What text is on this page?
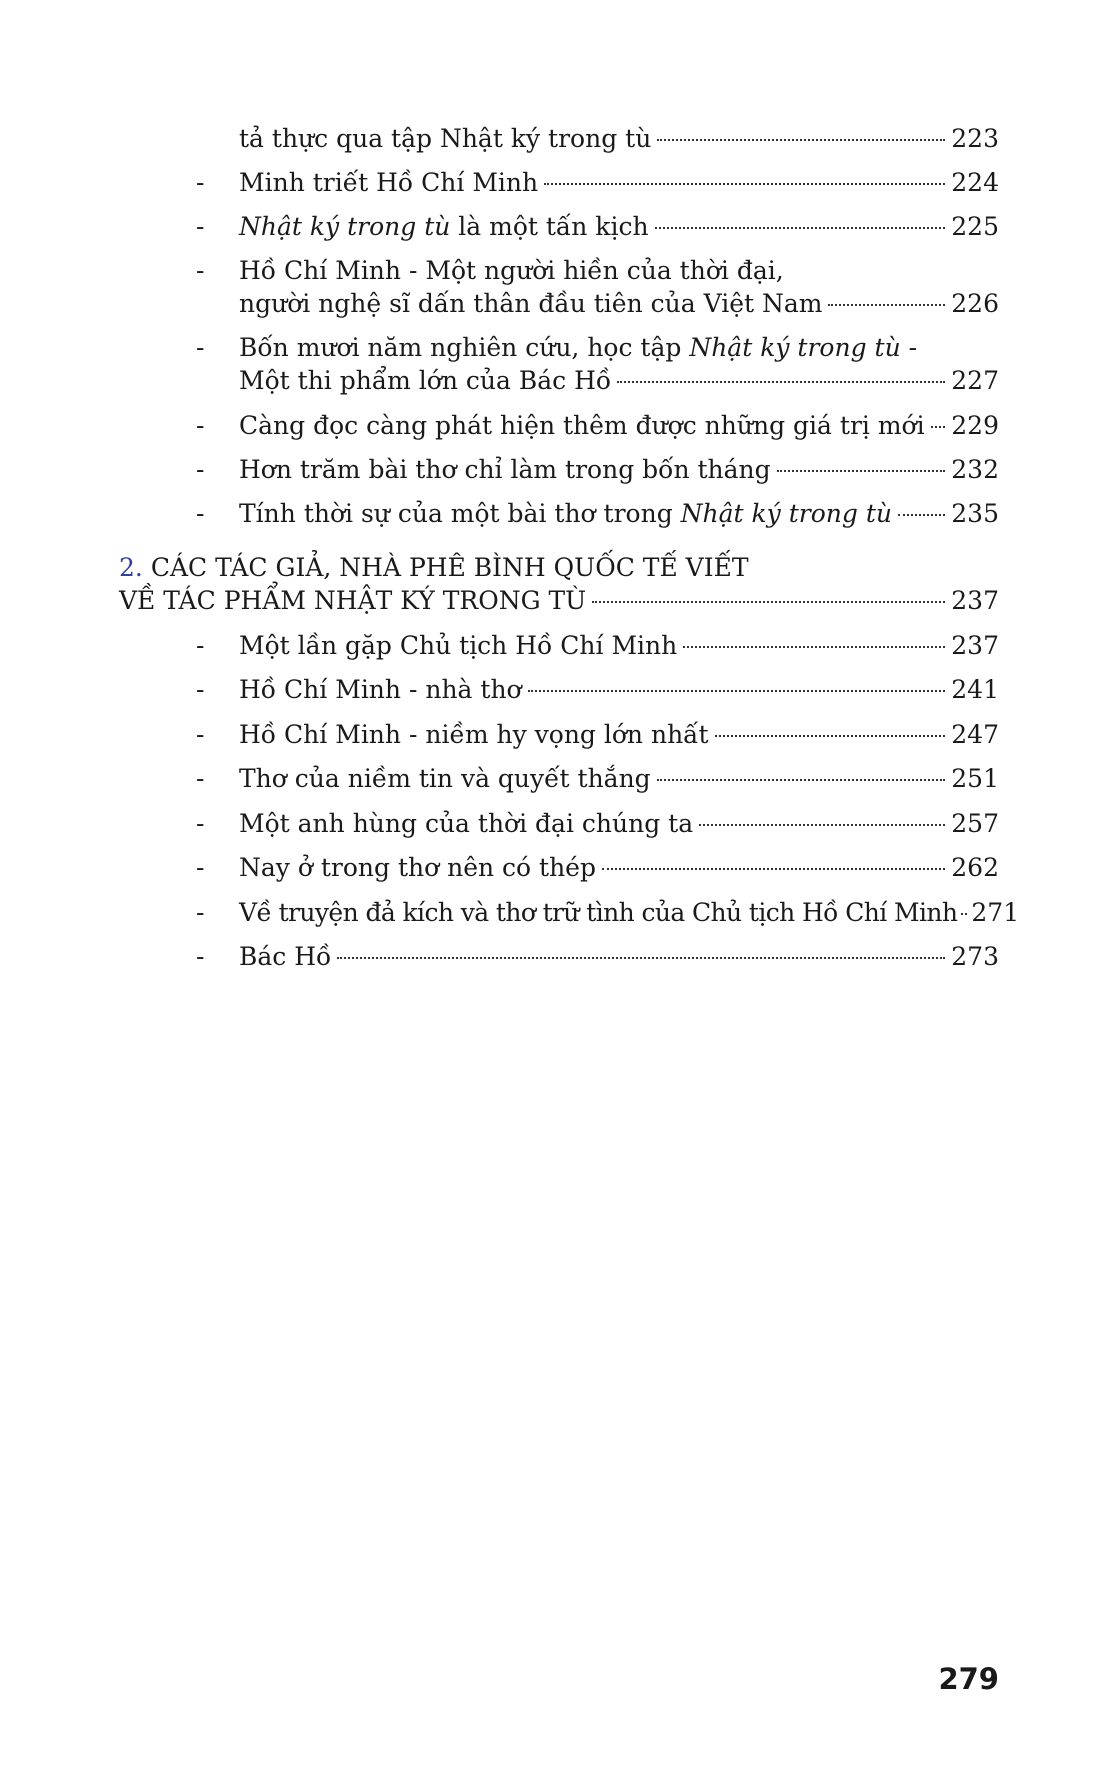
tả thực qua tập Nhật ký trong tù	223
- Minh triết Hồ Chí Minh	224
- Nhật ký trong tù là một tấn kịch	225
- Hồ Chí Minh - Một người hiền của thời đại,
người nghệ sĩ dấn thân đầu tiên của Việt Nam	226
- Bốn mươi năm nghiên cứu, học tập Nhật ký trong tù -
Một thi phẩm lớn của Bác Hồ	227
- Càng đọc càng phát hiện thêm được những giá trị mới 229
- Hơn trăm bài thơ chỉ làm trong bốn tháng	232
- Tính thời sự của một bài thơ trong Nhật ký trong tù 235
2. CÁC TÁC GIẢ, NHÀ PHÊ BÌNH QUỐC TẾ VIẾT
VỀ TÁC PHẨM NHẬT KÝ TRONG TÙ	237
- Một lần gặp Chủ tịch Hồ Chí Minh	237
- Hồ Chí Minh - nhà thơ	241
- Hồ Chí Minh - niềm hy vọng lớn nhất	247
- Thơ của niềm tin và quyết thắng	251
- Một anh hùng của thời đại chúng ta	257
- Nay ở trong thơ nên có thép	262
- Về truyện đả kích và thơ trữ tình của Chủ tịch Hồ Chí Minh 271
- Bác Hồ	273
279
